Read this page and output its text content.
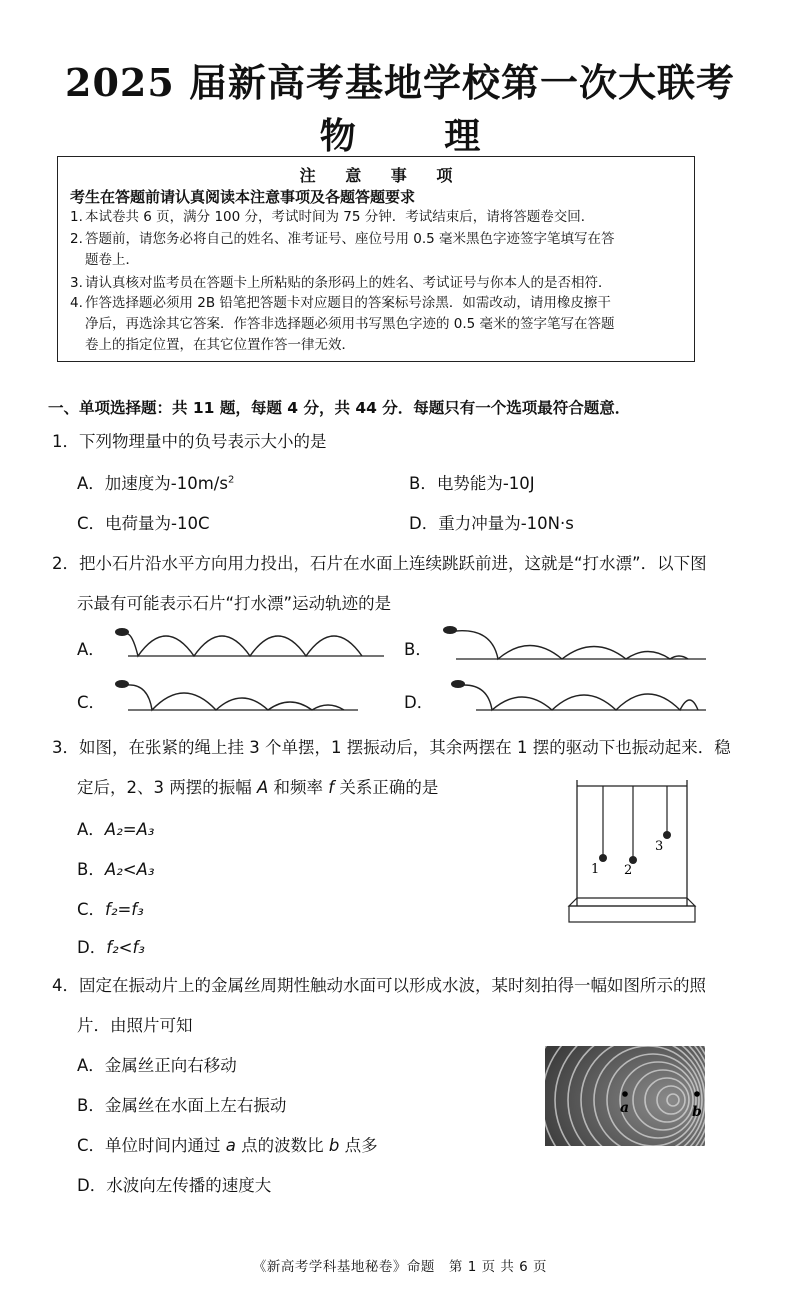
2025 届新高考基地学校第一次大联考
物 理
注 意 事 项
考生在答题前请认真阅读本注意事项及各题答题要求
1. 本试卷共 6 页，满分 100 分，考试时间为 75 分钟．考试结束后，请将答题卷交回．
2. 答题前，请您务必将自己的姓名、准考证号、座位号用 0.5 毫米黑色字迹签字笔填写在答
题卷上．
3. 请认真核对监考员在答题卡上所粘贴的条形码上的姓名、考试证号与你本人的是否相符．
4. 作答选择题必须用 2B 铅笔把答题卡对应题目的答案标号涂黑．如需改动，请用橡皮擦干
净后，再选涂其它答案．作答非选择题必须用书写黑色字迹的 0.5 毫米的签字笔写在答题
卷上的指定位置，在其它位置作答一律无效．
一、单项选择题：共 11 题，每题 4 分，共 44 分．每题只有一个选项最符合题意．
1．下列物理量中的负号表示大小的是
A．加速度为$-10m/s^2$	B．电势能为-10J
C．电荷量为-10C	D．重力冲量为-10N·s
2．把小石片沿水平方向用力投出，石片在水面上连续跳跃前进，这就是“打水漂”．以下图
示最有可能表示石片“打水漂”运动轨迹的是
A．	B．
C．	D．
3．如图，在张紧的绳上挂 3 个单摆，1 摆振动后，其余两摆在 1 摆的驱动下也振动起来．稳
定后，2、3 两摆的振幅 A 和频率 f 关系正确的是
A．A₂=A₃
B．A₂<A₃
C．f₂=f₃
D．f₂<f₃
1 2
3
4．固定在振动片上的金属丝周期性触动水面可以形成水波，某时刻拍得一幅如图所示的照
片．由照片可知
A．金属丝正向右移动
B．金属丝在水面上左右振动
C．单位时间内通过 a 点的波数比 b 点多
D．水波向左传播的速度大
a	b
《新高考学科基地秘卷》命题　第 1 页 共 6 页
